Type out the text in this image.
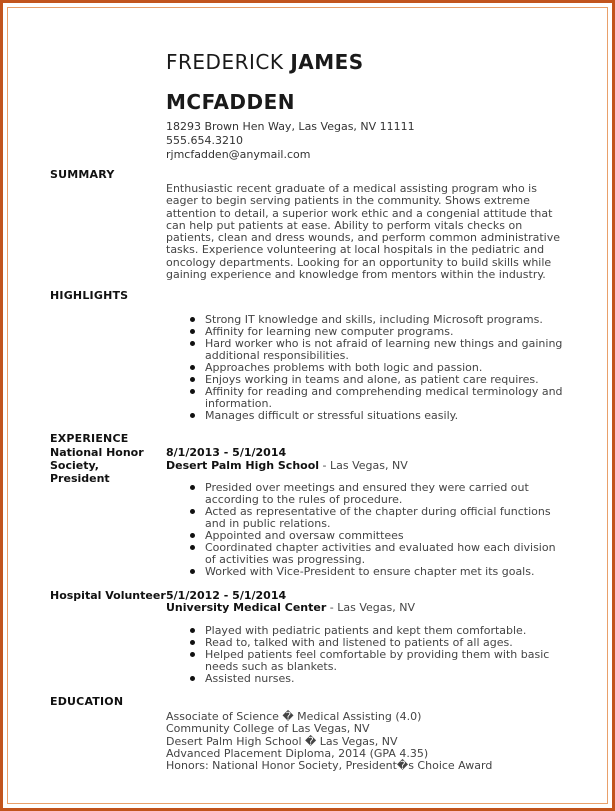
FREDERICK JAMES
MCFADDEN
18293 Brown Hen Way, Las Vegas, NV 11111
555.654.3210
rjmcfadden@anymail.com
SUMMARY
Enthusiastic recent graduate of a medical assisting program who is eager to begin serving patients in the community. Shows extreme attention to detail, a superior work ethic and a congenial attitude that can help put patients at ease. Ability to perform vitals checks on patients, clean and dress wounds, and perform common administrative tasks. Experience volunteering at local hospitals in the pediatric and oncology departments. Looking for an opportunity to build skills while gaining experience and knowledge from mentors within the industry.
HIGHLIGHTS
Strong IT knowledge and skills, including Microsoft programs.
Affinity for learning new computer programs.
Hard worker who is not afraid of learning new things and gaining additional responsibilities.
Approaches problems with both logic and passion.
Enjoys working in teams and alone, as patient care requires.
Affinity for reading and comprehending medical terminology and information.
Manages difficult or stressful situations easily.
EXPERIENCE
National Honor Society, President
8/1/2013 - 5/1/2014
Desert Palm High School - Las Vegas, NV
Presided over meetings and ensured they were carried out according to the rules of procedure.
Acted as representative of the chapter during official functions and in public relations.
Appointed and oversaw committees
Coordinated chapter activities and evaluated how each division of activities was progressing.
Worked with Vice-President to ensure chapter met its goals.
Hospital Volunteer 5/1/2012 - 5/1/2014
University Medical Center - Las Vegas, NV
Played with pediatric patients and kept them comfortable.
Read to, talked with and listened to patients of all ages.
Helped patients feel comfortable by providing them with basic needs such as blankets.
Assisted nurses.
EDUCATION
Associate of Science � Medical Assisting (4.0)
Community College of Las Vegas, NV
Desert Palm High School � Las Vegas, NV
Advanced Placement Diploma, 2014 (GPA 4.35)
Honors: National Honor Society, President�s Choice Award
